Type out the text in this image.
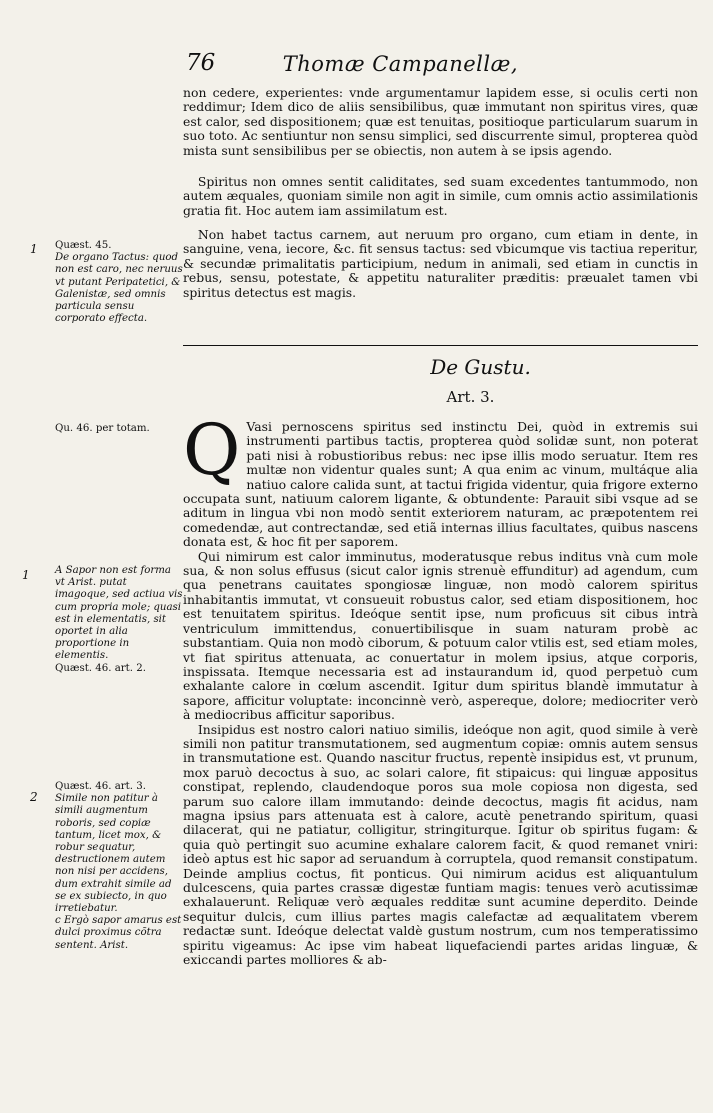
76	Thomæ Campanellæ,

non cedere, experientes: vnde argumentamur lapidem esse, si oculis certi non

reddimur; Idem dico de aliis sensibilibus, quæ immutant non spiritus vires, quæ

est calor, sed dispositionem; quæ est tenuitas, positioque particularum suarum in

suo toto. Ac sentiuntur non sensu simplici, sed discurrente simul, propterea quòd

mista sunt sensibilibus per se obiectis, non autem à se ipsis agendo.

Spiritus non omnes sentit caliditates, sed suam excedentes tantummodo, non autem æquales, quoniam simile non agit in simile, cum omnis actio assimilationis gratia fit. Hoc autem iam assimilatum est.

Non habet tactus carnem, aut neruum pro organo, cum etiam in dente, in sanguine, vena, iecore, &c. fit sensus tactus: sed vbicumque vis tactiua reperitur, & secundæ primalitatis participium, nedum in animali, sed etiam in cunctis in rebus, sensu, potestate, & appetitu naturaliter præditis: præualet tamen vbi spiritus detectus est magis.

De Gustu.
Art. 3.

Q Vasi pernoscens spiritus sed instinctu Dei, quòd in extremis sui instrumenti partibus tactis, propterea quòd solidæ sunt, non poterat pati nisi à robustioribus rebus: nec ipse illis modo seruatur. Item res multæ non videntur quales sunt; A qua enim ac vinum, multáque alia natiuo calore calida sunt, at tactui frigida videntur, quia frigore externo occupata sunt, natiuum calorem ligante, & obtundente: Parauit sibi vsque ad se aditum in lingua vbi non modò sentit exteriorem naturam, ac præpotentem rei comedendæ, aut contrectandæ, sed etiã internas illius facultates, quibus nascens donata est, & hoc fit per saporem.

Qui nimirum est calor imminutus, moderatusque rebus inditus vnà cum mole sua, & non solus effusus (sicut calor ignis strenuè effunditur) ad agendum, cum qua penetrans cauitates spongiosæ linguæ, non modò calorem spiritus inhabitantis immutat, vt consueuit robustus calor, sed etiam dispositionem, hoc est tenuitatem spiritus. Ideóque sentit ipse, num proficuus sit cibus intrà ventriculum immittendus, conuertibilisque in suam naturam probè ac substantiam. Quia non modò ciborum, & potuum calor vtilis est, sed etiam moles, vt fiat spiritus attenuata, ac conuertatur in molem ipsius, atque corporis, inspissata. Itemque necessaria est ad instaurandum id, quod perpetuò cum exhalante calore in cœlum ascendit. Igitur dum spiritus blandè immutatur à sapore, afficitur voluptate: inconcinnè verò, aspereque, dolore; mediocriter verò à mediocribus afficitur saporibus.

Insipidus est nostro calori natiuo similis, ideóque non agit, quod simile à verè simili non patitur transmutationem, sed augmentum copiæ: omnis autem sensus in transmutatione est. Quando nascitur fructus, repentè insipidus est, vt prunum, mox paruò decoctus à suo, ac solari calore, fit stipaicus: qui linguæ appositus constipat, replendo, claudendoque poros sua mole copiosa non digesta, sed parum suo calore illam immutando: deinde decoctus, magis fit acidus, nam magna ipsius pars attenuata est à calore, acutè penetrando spiritum, quasi dilacerat, qui ne patiatur, colligitur, stringiturque. Igitur ob spiritus fugam: & quia quò pertingit suo acumine exhalare calorem facit, & quod remanet vniri: ideò aptus est hic sapor ad seruandum à corruptela, quod remansit constipatum. Deinde amplius coctus, fit ponticus. Qui nimirum acidus est aliquantulum dulcescens, quia partes crassæ digestæ funtiam magis: tenues verò acutissimæ exhalauerunt. Reliquæ verò æquales redditæ sunt acumine deperdito. Deinde sequitur dulcis, cum illius partes magis calefactæ ad æqualitatem vberem redactæ sunt. Ideóque delectat valdè gustum nostrum, cum nos temperatissimo spiritu vigeamus: Ac ipse vim habeat liquefaciendi partes aridas linguæ, & exiccandi partes molliores & ab-

Quæst. 45.

De organo Tactus: quod non est caro, nec neruus vt putant Peripatetici, & Galenistæ, sed omnis particula sensu corporato effecta.

Qu. 46. per totam.

A Sapor non est forma vt Arist. putat imagoque, sed actiua vis cum propria mole; quasi est in elementatis, sit oportet in alia proportione in elementis.

Quæst. 46. art. 2.

Quæst. 46. art. 3.

Simile non patitur à simili augmentum roboris, sed copiæ tantum, licet mox, & robur sequatur, destructionem autem non nisi per accidens, dum extrahit simile ad se ex subiecto, in quo irretiebatur.

c Ergò sapor amarus est dulci proximus cõtra sentent. Arist.

1
1
2
